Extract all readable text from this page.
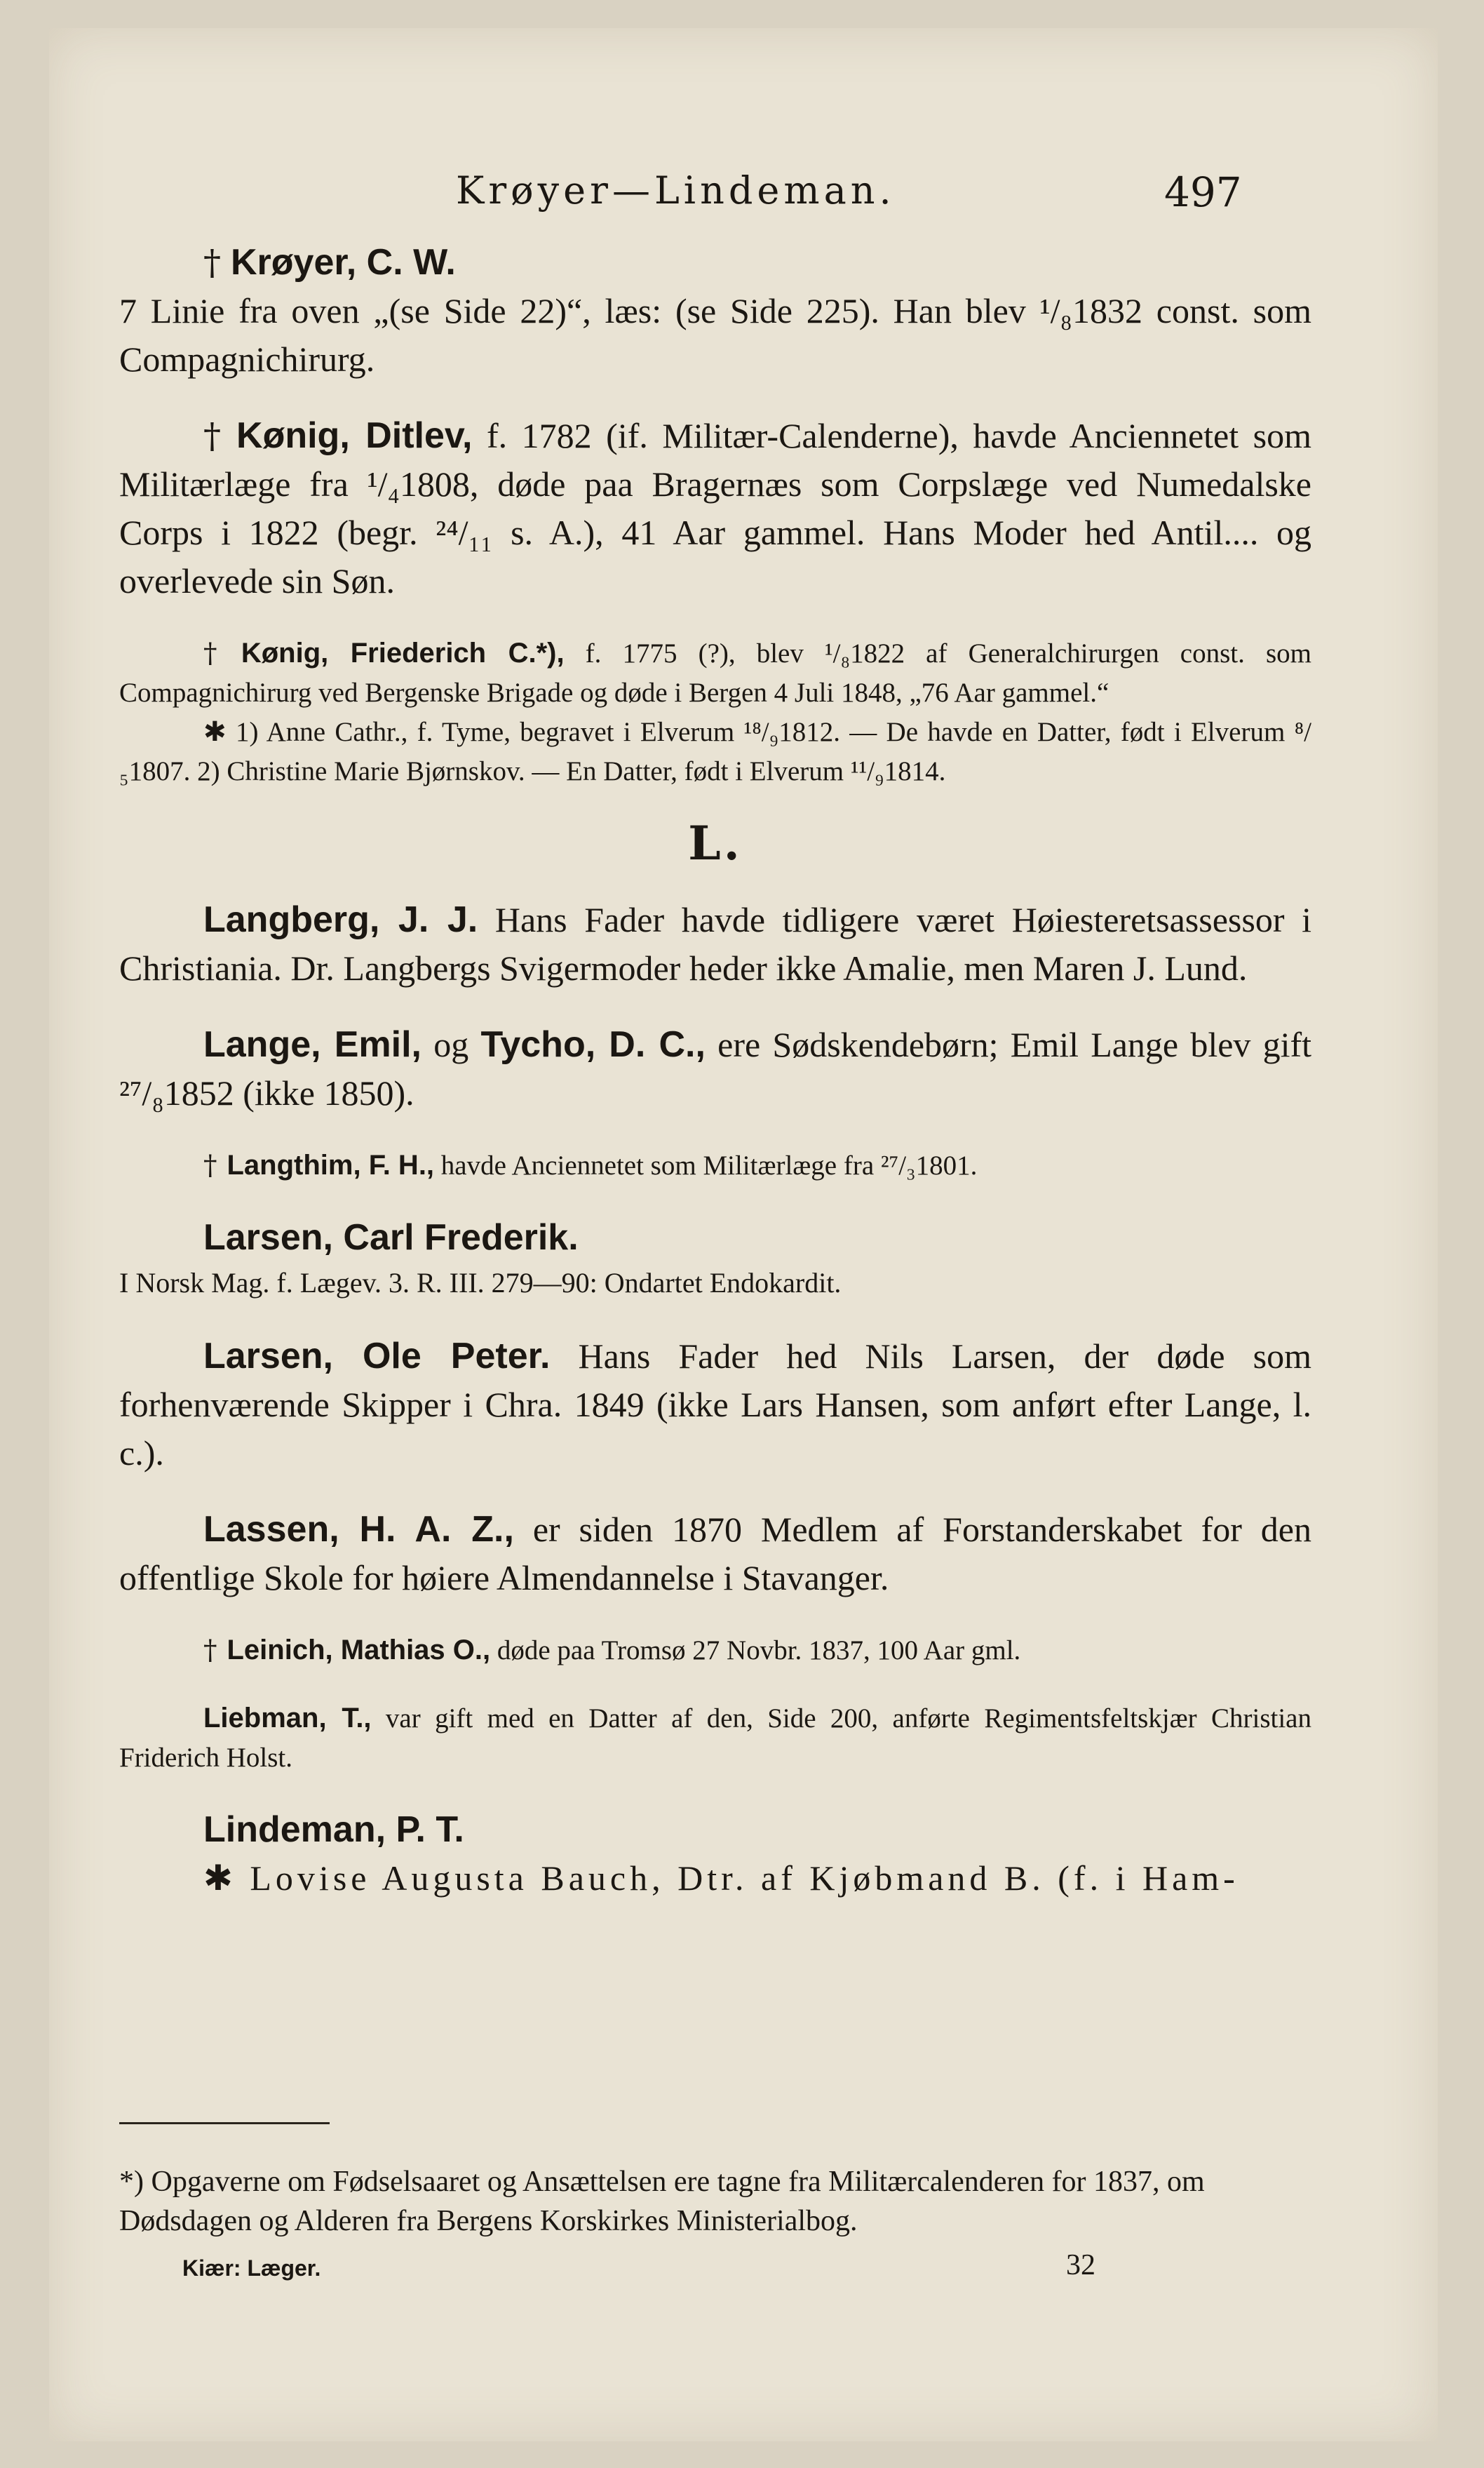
Krøyer—Lindeman.	497

† Krøyer, C. W.
7 Linie fra oven „(se Side 22)“, læs: (se Side 225). Han blev ¹/₈1832 const. som Compagnichirurg.

† Kønig, Ditlev, f. 1782 (if. Militær-Calenderne), havde Anciennetet som Militærlæge fra ¹/₄1808, døde paa Bragernæs som Corpslæge ved Numedalske Corps i 1822 (begr. ²⁴/₁₁ s. A.), 41 Aar gammel. Hans Moder hed Antil.... og overlevede sin Søn.

† Kønig, Friederich C.*), f. 1775 (?), blev ¹/₈1822 af Generalchirurgen const. som Compagnichirurg ved Bergenske Brigade og døde i Bergen 4 Juli 1848, „76 Aar gammel.“
✱ 1) Anne Cathr., f. Tyme, begravet i Elverum ¹⁸/₉1812. — De havde en Datter, født i Elverum ⁸/₅1807. 2) Christine Marie Bjørnskov. — En Datter, født i Elverum ¹¹/₉1814.
L.

Langberg, J. J. Hans Fader havde tidligere været Høiesteretsassessor i Christiania. Dr. Langbergs Svigermoder heder ikke Amalie, men Maren J. Lund.

Lange, Emil, og Tycho, D. C., ere Sødskendebørn; Emil Lange blev gift ²⁷/₈1852 (ikke 1850).

† Langthim, F. H., havde Anciennetet som Militærlæge fra ²⁷/₃1801.

Larsen, Carl Frederik.
I Norsk Mag. f. Lægev. 3. R. III. 279—90: Ondartet Endokardit.

Larsen, Ole Peter. Hans Fader hed Nils Larsen, der døde som forhenværende Skipper i Chra. 1849 (ikke Lars Hansen, som anført efter Lange, l. c.).

Lassen, H. A. Z., er siden 1870 Medlem af Forstanderskabet for den offentlige Skole for høiere Almendannelse i Stavanger.

† Leinich, Mathias O., døde paa Tromsø 27 Novbr. 1837, 100 Aar gml.

Liebman, T., var gift med en Datter af den, Side 200, anførte Regimentsfeltskjær Christian Friderich Holst.

Lindeman, P. T.
✱ Lovise Augusta Bauch, Dtr. af Kjøbmand B. (f. i Ham-

*) Opgaverne om Fødselsaaret og Ansættelsen ere tagne fra Militærcalenderen for 1837, om Dødsdagen og Alderen fra Bergens Korskirkes Ministerialbog.

Kiær: Læger.	32
